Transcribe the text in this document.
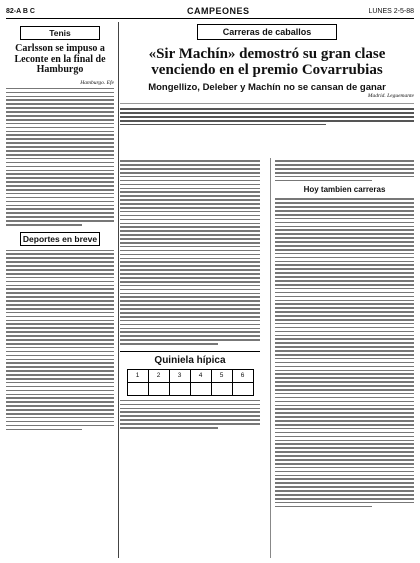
82-A B C	CAMPEONES	LUNES 2-5-88
Tenis
Carlsson se impuso a Leconte en la final de Hamburgo
Hamburgo. Efe
Deportes en breve
Carreras de caballos
«Sir Machín» demostró su gran clase venciendo en el premio Covarrubias
Mongellizo, Deleber y Machín no se cansan de ganar
Madrid. Leguemante
Quiniela hípica
1	2	3	4	5	6

Hoy tambien carreras
